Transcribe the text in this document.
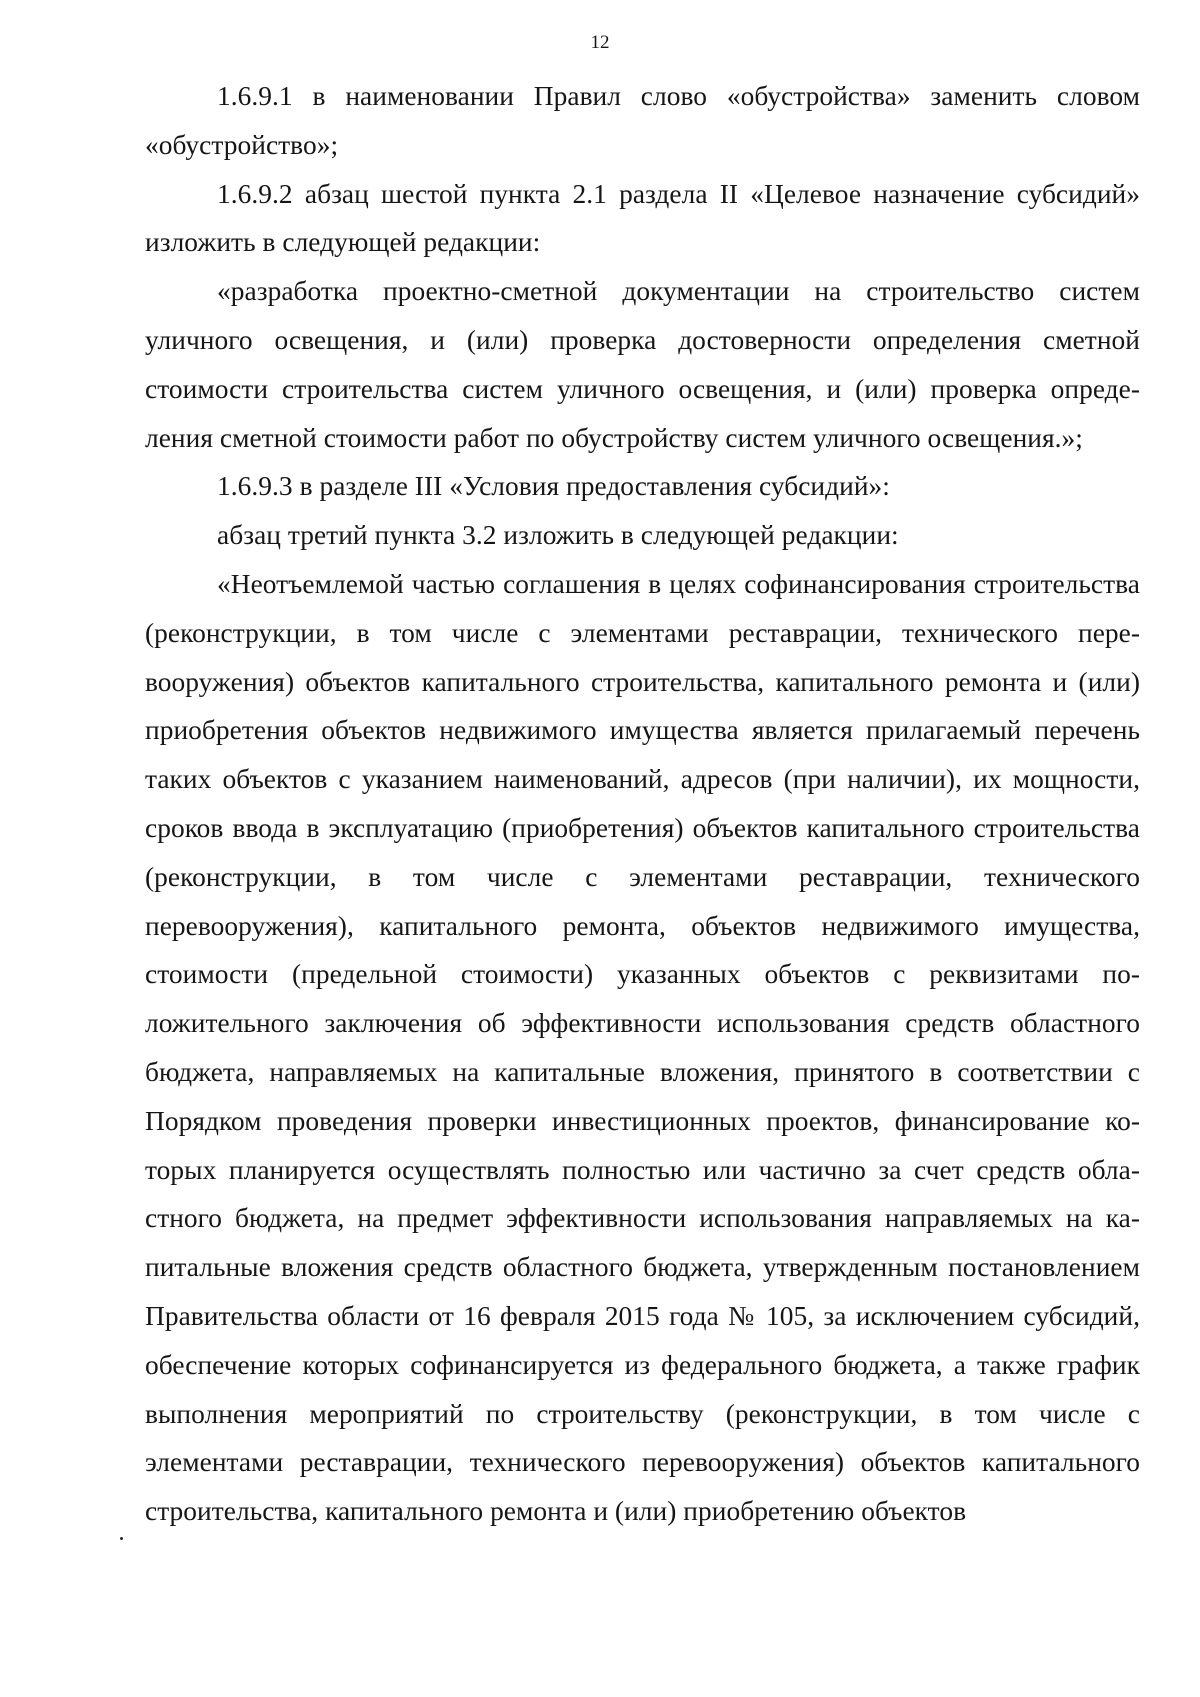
12

1.6.9.1 в наименовании Правил слово «обустройства» заменить словом «обустройство»;

1.6.9.2 абзац шестой пункта 2.1 раздела II «Целевое назначение субсидий» изложить в следующей редакции:

«разработка проектно-сметной документации на строительство систем уличного освещения, и (или) проверка достоверности определения сметной стоимости строительства систем уличного освещения, и (или) проверка определения сметной стоимости работ по обустройству систем уличного освещения.»;

1.6.9.3 в разделе III «Условия предоставления субсидий»:

абзац третий пункта 3.2 изложить в следующей редакции:

«Неотъемлемой частью соглашения в целях софинансирования строительства (реконструкции, в том числе с элементами реставрации, технического перевооружения) объектов капитального строительства, капитального ремонта и (или) приобретения объектов недвижимого имущества является прилагаемый перечень таких объектов с указанием наименований, адресов (при наличии), их мощности, сроков ввода в эксплуатацию (приобретения) объектов капитального строительства (реконструкции, в том числе с элементами реставрации, технического перевооружения), капитального ремонта, объектов недвижимого имущества, стоимости (предельной стоимости) указанных объектов с реквизитами положительного заключения об эффективности использования средств областного бюджета, направляемых на капитальные вложения, принятого в соответствии с Порядком проведения проверки инвестиционных проектов, финансирование которых планируется осуществлять полностью или частично за счет средств областного бюджета, на предмет эффективности использования направляемых на капитальные вложения средств областного бюджета, утвержденным постановлением Правительства области от 16 февраля 2015 года № 105, за исключением субсидий, обеспечение которых софинансируется из федерального бюджета, а также график выполнения мероприятий по строительству (реконструкции, в том числе с элементами реставрации, технического перевооружения) объектов капитального строительства, капитального ремонта и (или) приобретению объектов
